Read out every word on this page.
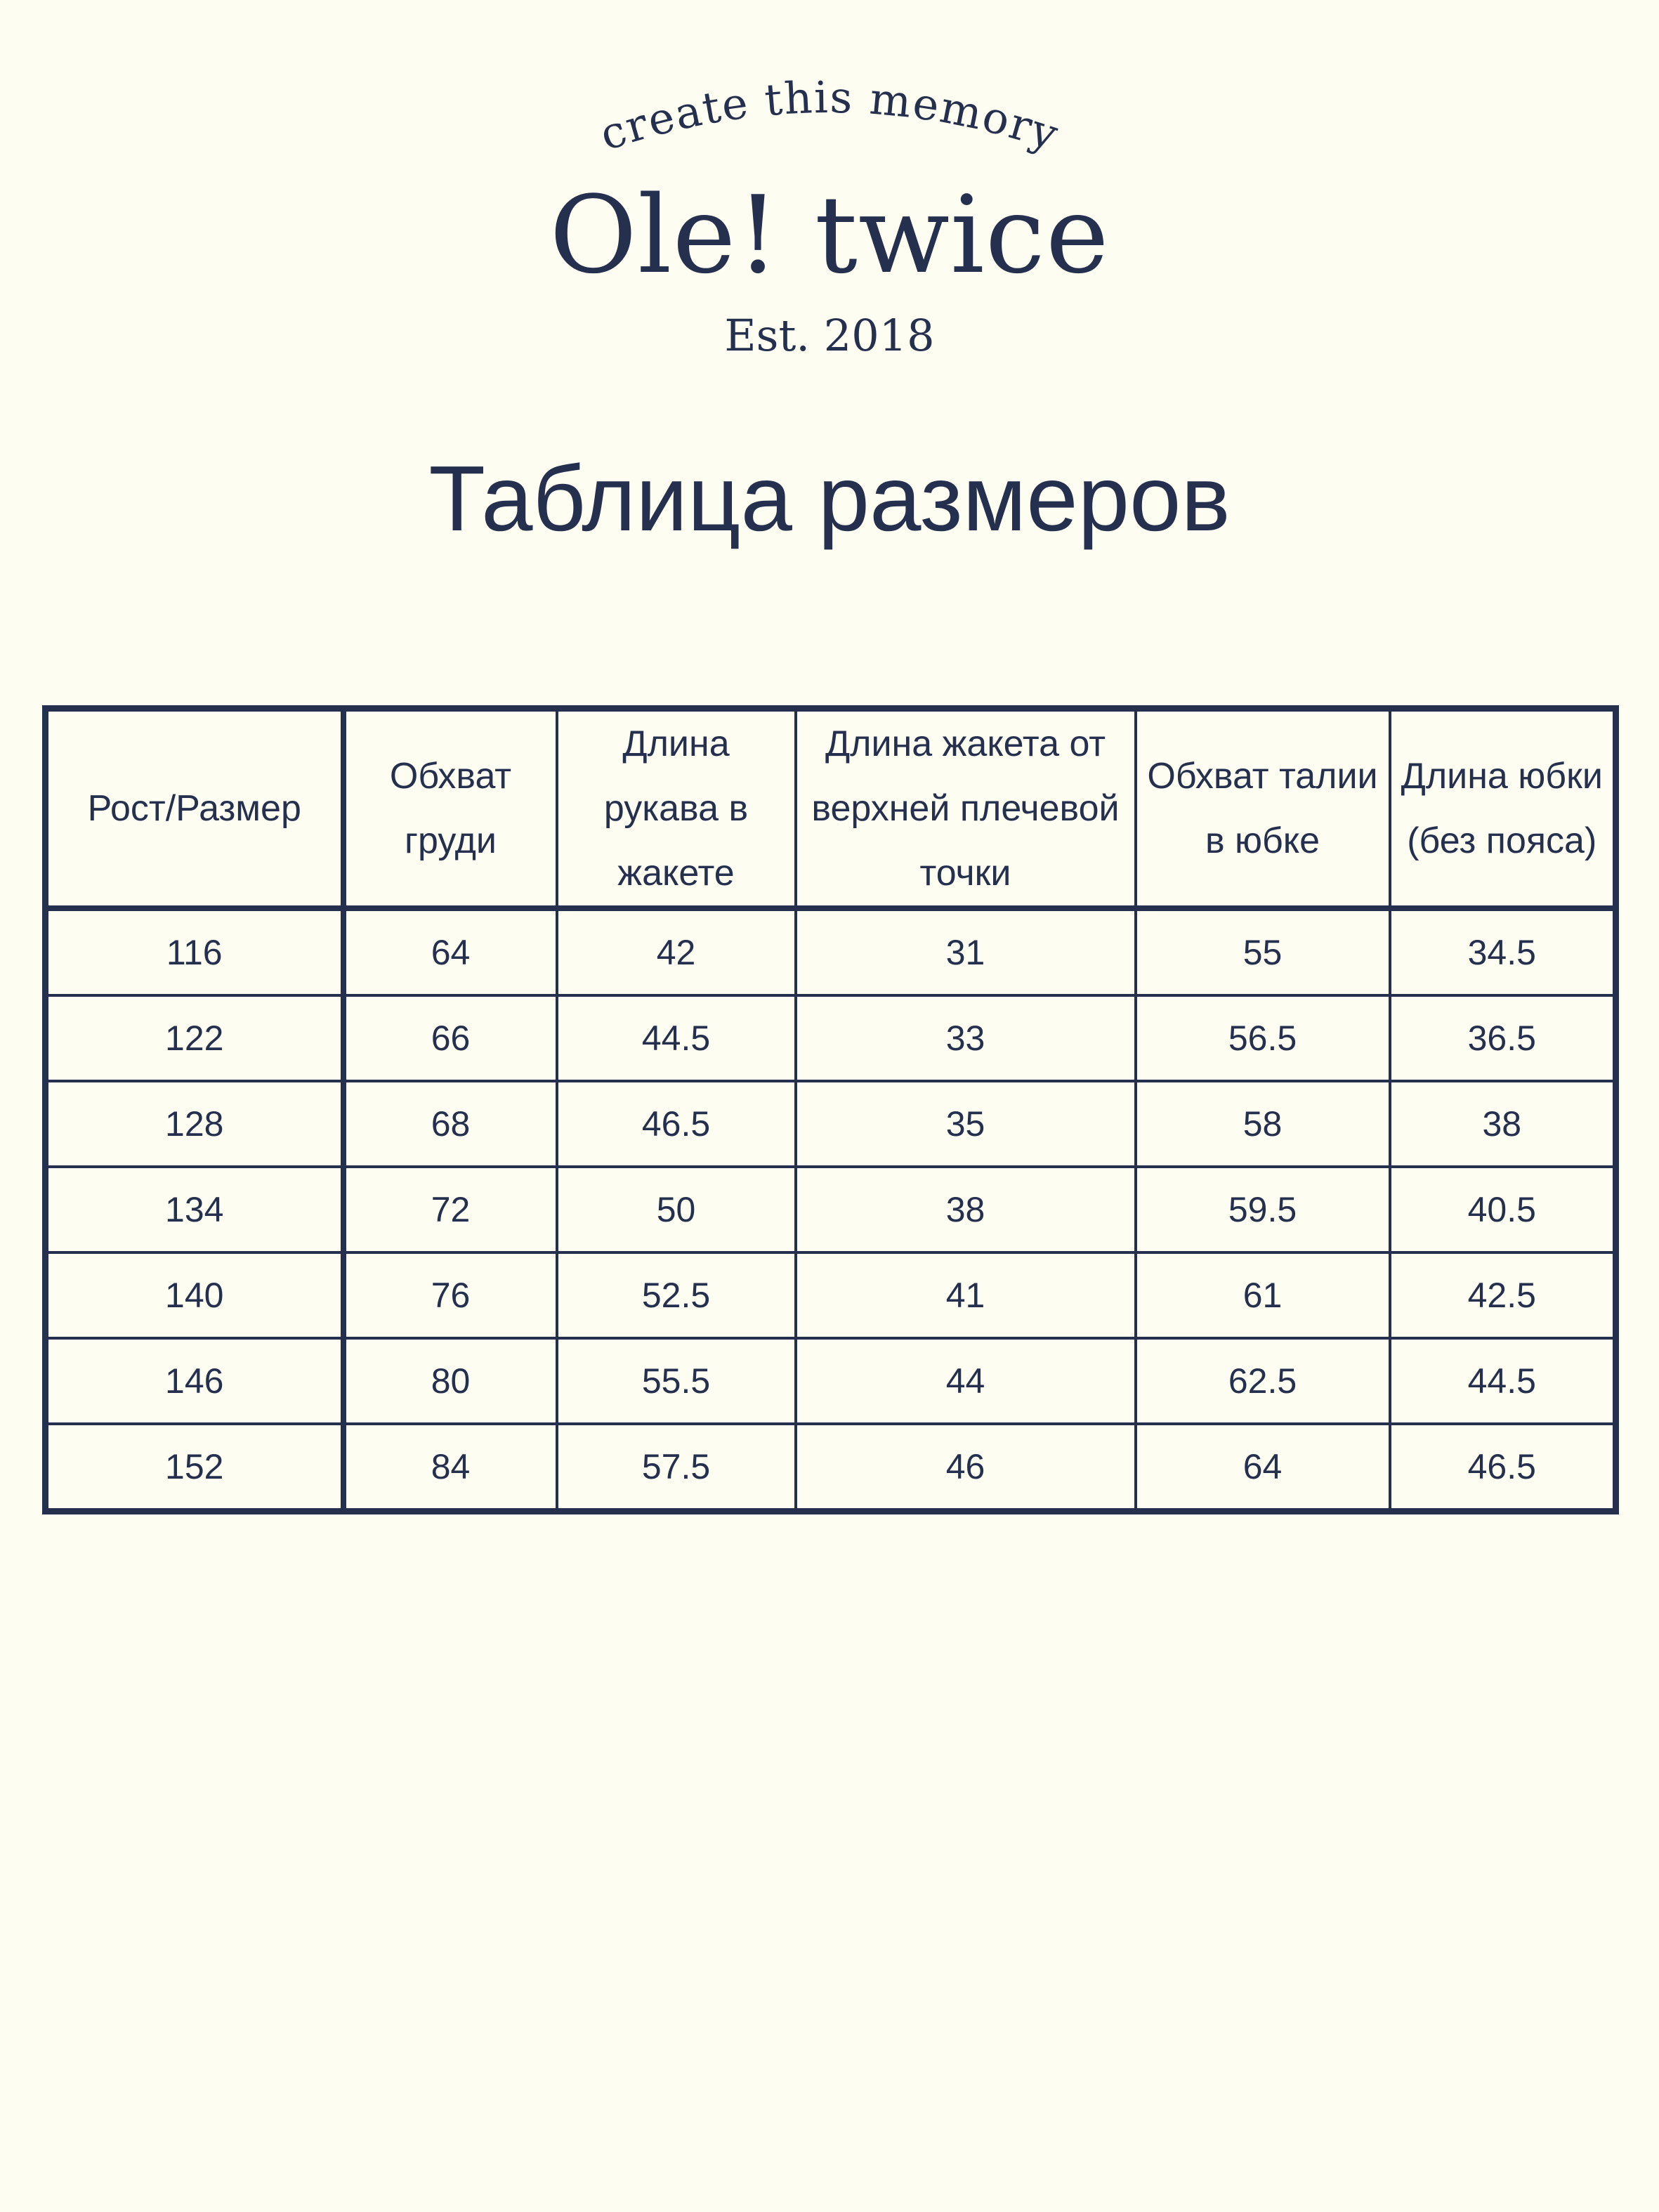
create this memory
Ole! twice
Est. 2018
Таблица размеров
Рост/Размер	Обхват груди	Длина рукава в жакете	Длина жакета от верхней плечевой точки	Обхват талии в юбке	Длина юбки (без пояса)

116	64	42	31	55	34.5
122	66	44.5	33	56.5	36.5
128	68	46.5	35	58	38
134	72	50	38	59.5	40.5
140	76	52.5	41	61	42.5
146	80	55.5	44	62.5	44.5
152	84	57.5	46	64	46.5
